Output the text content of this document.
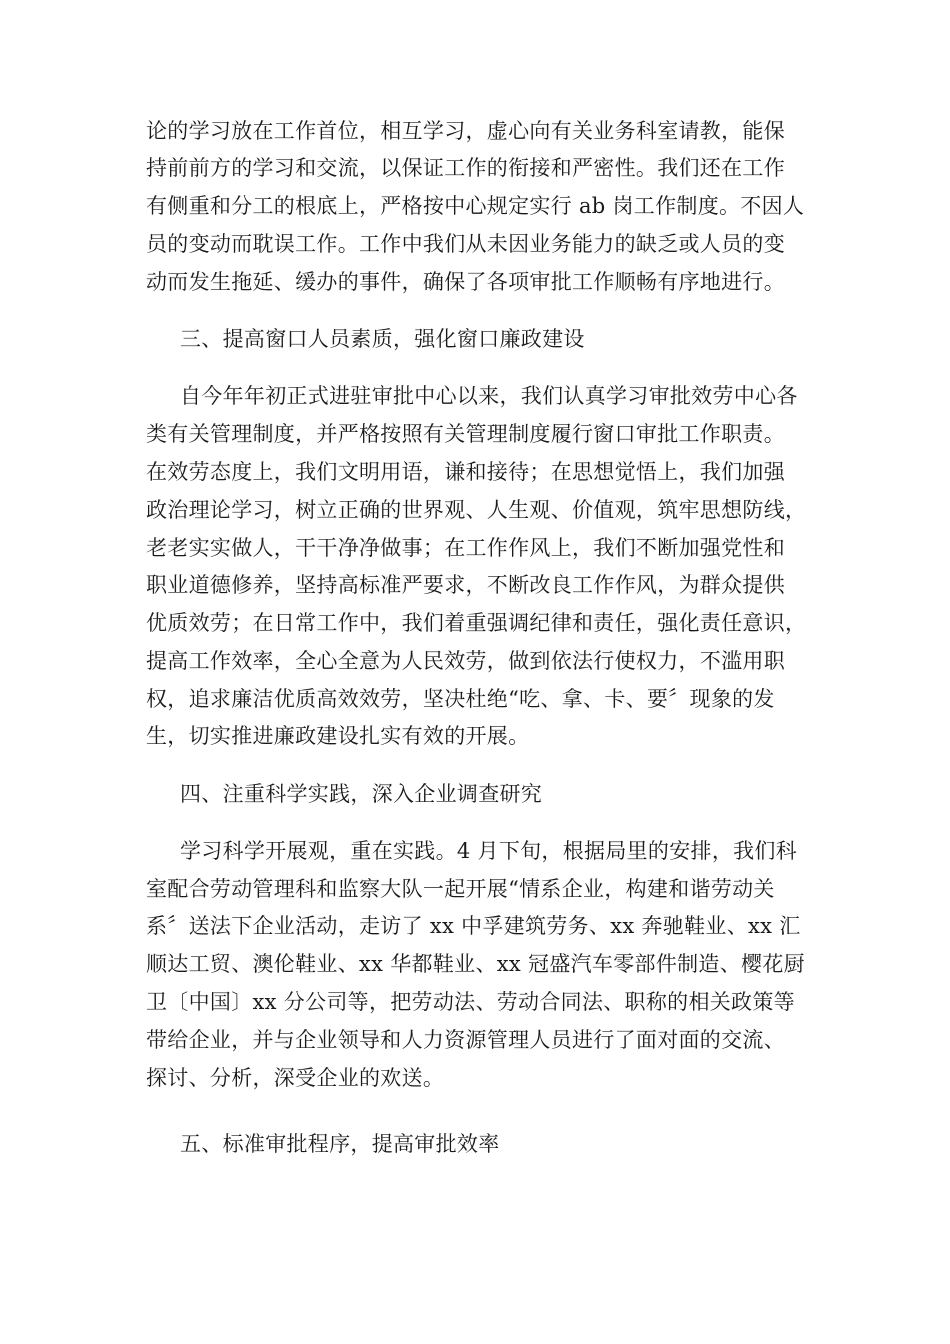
论的学习放在工作首位，相互学习，虚心向有关业务科室请教，能保
持前前方的学习和交流，以保证工作的衔接和严密性。我们还在工作
有侧重和分工的根底上，严格按中心规定实行 ab 岗工作制度。不因人
员的变动而耽误工作。工作中我们从未因业务能力的缺乏或人员的变
动而发生拖延、缓办的事件，确保了各项审批工作顺畅有序地进行。
三、提高窗口人员素质，强化窗口廉政建设
自今年年初正式进驻审批中心以来，我们认真学习审批效劳中心各
类有关管理制度，并严格按照有关管理制度履行窗口审批工作职责。
在效劳态度上，我们文明用语，谦和接待；在思想觉悟上，我们加强
政治理论学习，树立正确的世界观、人生观、价值观，筑牢思想防线，
老老实实做人，干干净净做事；在工作作风上，我们不断加强党性和
职业道德修养，坚持高标准严要求，不断改良工作作风，为群众提供
优质效劳；在日常工作中，我们着重强调纪律和责任，强化责任意识，
提高工作效率，全心全意为人民效劳，做到依法行使权力，不滥用职
权，追求廉洁优质高效效劳，坚决杜绝“吃、拿、卡、要〞现象的发
生，切实推进廉政建设扎实有效的开展。
四、注重科学实践，深入企业调查研究
学习科学开展观，重在实践。4 月下旬，根据局里的安排，我们科
室配合劳动管理科和监察大队一起开展“情系企业，构建和谐劳动关
系〞送法下企业活动，走访了 xx 中孚建筑劳务、xx 奔驰鞋业、xx 汇
顺达工贸、澳伦鞋业、xx 华都鞋业、xx 冠盛汽车零部件制造、樱花厨
卫〔中国〕xx 分公司等，把劳动法、劳动合同法、职称的相关政策等
带给企业，并与企业领导和人力资源管理人员进行了面对面的交流、
探讨、分析，深受企业的欢送。
五、标准审批程序，提高审批效率
